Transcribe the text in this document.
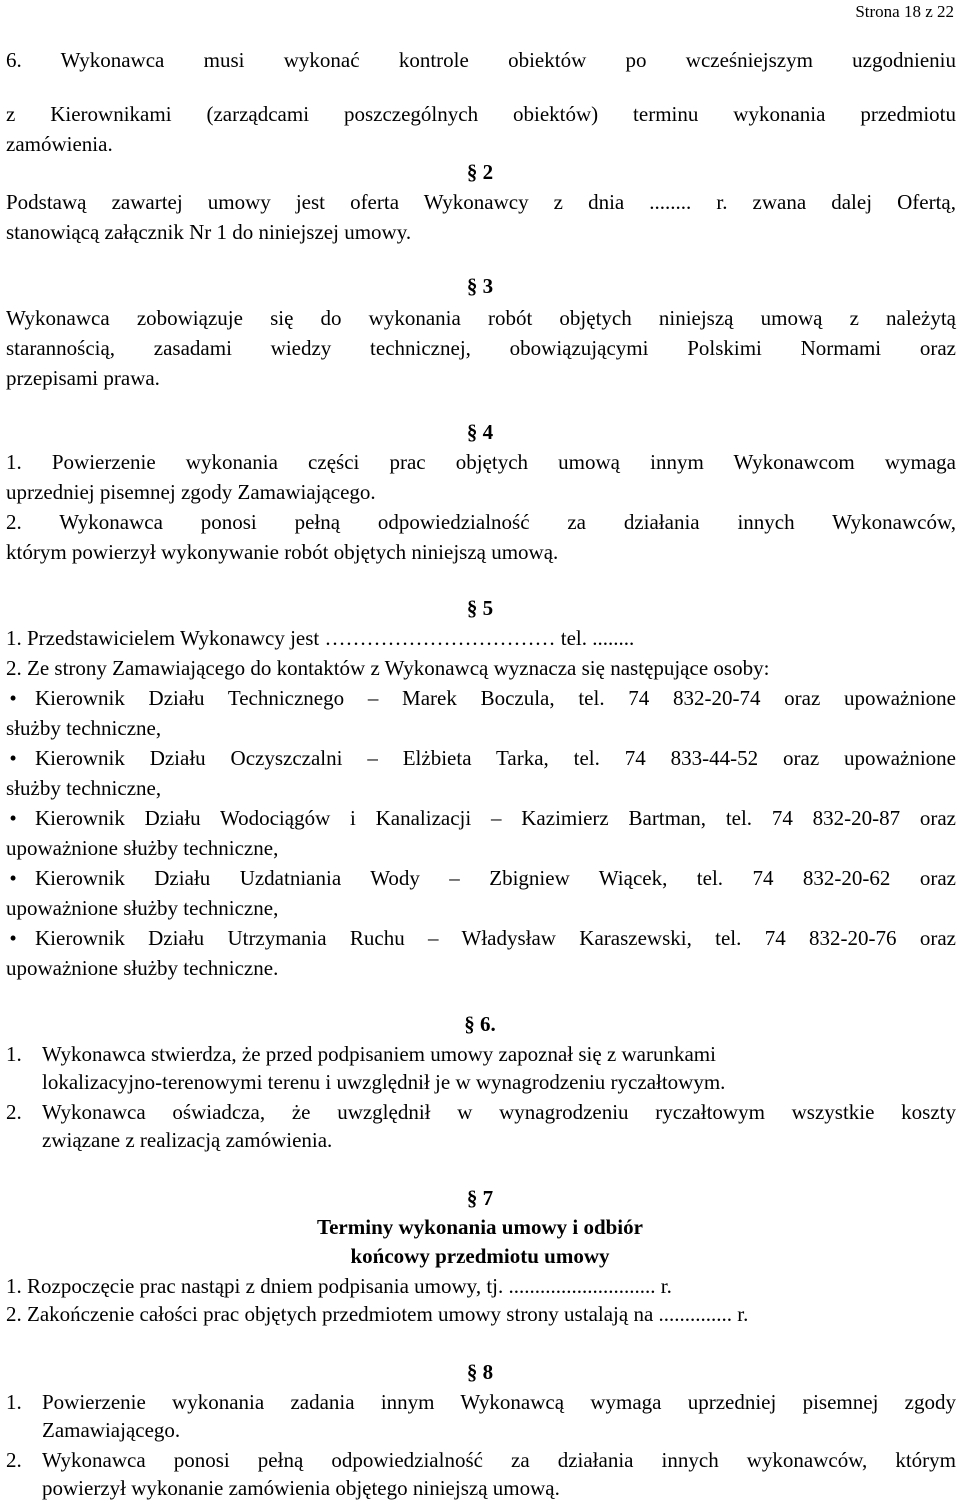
Strona 18 z 22
6. Wykonawca musi wykonać kontrole obiektów po wcześniejszym uzgodnieniu
z Kierownikami (zarządcami poszczególnych obiektów) terminu wykonania przedmiotu
zamówienia.
§ 2
Podstawą zawartej umowy jest oferta Wykonawcy z dnia ........ r. zwana dalej Ofertą,
stanowiącą załącznik Nr 1 do niniejszej umowy.
§ 3
Wykonawca zobowiązuje się do wykonania robót objętych niniejszą umową z należytą
starannością, zasadami wiedzy technicznej, obowiązującymi Polskimi Normami oraz
przepisami prawa.
§ 4
1. Powierzenie wykonania części prac objętych umową innym Wykonawcom wymaga
uprzedniej pisemnej zgody Zamawiającego.
2. Wykonawca ponosi pełną odpowiedzialność za działania innych Wykonawców,
którym powierzył wykonywanie robót objętych niniejszą umową.
§ 5
1. Przedstawicielem Wykonawcy jest …………………………… tel. ........
2. Ze strony Zamawiającego do kontaktów z Wykonawcą wyznacza się następujące osoby:
• Kierownik Działu Technicznego – Marek Boczula, tel. 74 832-20-74 oraz upoważnione
służby techniczne,
• Kierownik Działu Oczyszczalni – Elżbieta Tarka, tel. 74 833-44-52 oraz upoważnione
służby techniczne,
• Kierownik Działu Wodociągów i Kanalizacji – Kazimierz Bartman, tel. 74 832-20-87 oraz
upoważnione służby techniczne,
• Kierownik Działu Uzdatniania Wody – Zbigniew Wiącek, tel. 74 832-20-62 oraz
upoważnione służby techniczne,
• Kierownik Działu Utrzymania Ruchu – Władysław Karaszewski, tel. 74 832-20-76 oraz
upoważnione służby techniczne.
§ 6.
1. Wykonawca stwierdza, że przed podpisaniem umowy zapoznał się z warunkami
lokalizacyjno-terenowymi terenu i uwzględnił je w wynagrodzeniu ryczałtowym.
2. Wykonawca oświadcza, że uwzględnił w wynagrodzeniu ryczałtowym wszystkie koszty
związane z realizacją zamówienia.
§ 7
Terminy wykonania umowy i odbiór
końcowy przedmiotu umowy
1. Rozpoczęcie prac nastąpi z dniem podpisania umowy, tj. ............................ r.
2. Zakończenie całości prac objętych przedmiotem umowy strony ustalają na .............. r.
§ 8
1. Powierzenie wykonania zadania innym Wykonawcą wymaga uprzedniej pisemnej zgody
Zamawiającego.
2. Wykonawca ponosi pełną odpowiedzialność za działania innych wykonawców, którym
powierzył wykonanie zamówienia objętego niniejszą umową.
